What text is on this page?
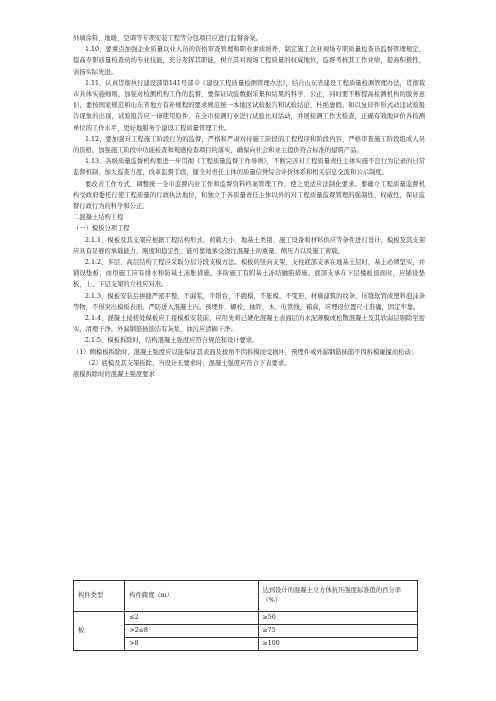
外墙涂料、地暖、空调等专项安装工程等分包项目应进行监督备案。

1.10、要重点加强企业质量以业人员的资格审查管理和职业素质培养，制定施工企业现场专职质量检查员监督管理规定，提高专职质量检查员的专业技能，充分发挥其职能，树立其对现场工程质量的权威地位，监督考核其工作业绩，提高积极性，表扬实际先进。

1.11、认真贯彻执行建设部第141号部令《建设工程质量检测管理办法》，结合山东省建设工程质量检测管理办法，贯彻裁市具体实施细则，加强对检测机构工作的监督，要保证试验数据采集和结果的科学、公正，同时要不断提高检测机构的服务意识，要按国家规范和山东省地方有补规程的要求规范统一本地区试验报告和试验结论，杜绝虚假、和以复印件形式动违试验报告现象的出现，试验报告应一律使用原件，在全市检测行业进行试验比对活动，并展检测工作大检查，正确有效地评价各检测单位的工作水平，更好地服务于建设工程质量管理工作。

1.12、要加强对工程施工阶段行为的监督，严格和严肃对待施工阶段的工程程序和阶段内容，严格审查施工阶段组成人员的资格，加强施工阶段中功能检查和观感检查项目的落实，确保向社会和业主提供符合标准的建筑产品。

1.13、各级质量监督机构要进一步贯彻《工程质量监督工作导则》，不断完善对工程质量责任主体实施不良行为记录的日常监督机制，加大巡查力度，改革监督手段，健全对责任主体的质量信誉综合评价体系和相关信息交流和公示制度。

要改善工作方式，调整统一全市监督内业工作和监督资料档案管理工作，使之更适应法制化要求。要确立工程质量监督机构受政府委托行使工程质量的行政执法地位，和独立于各质量责任主体以外的对工程质量监督管理的强制性、权威性，保证监督行政行为的科学和公正。

二混凝土结构工程

（一）模板分项工程

2.1.1、模板及其支架应根据工程结构形式、荷载大小、地基土类别、施工设备和材料供应等条件进行设计。模板及其支架应具有足够的承载能力、刚度和稳定性，能可靠地承受浇注混凝土的重量、侧压力以及施工荷载。

2.1.2、多层、高层结构工程应采取分层分段支模方法。模板的竖向支架、支柱底部支承在地基土层时，基土必须坚实，并铺设垫板；而用施工应有排水和防基土冻胀措施。多阶施工有附基土冻结融陷措施。底部支承在下层楼板顶面时，应铺设垫板，上、下层支架的立柱应对准。

2.1.3、模板安装后拼缝严密平整，不漏浆，不错台，不跑模，不胀模，不变形，材墙建筑的纹条、压缝软管或塑料泡沫条等物，不得突出模板表面，严防进入混凝土内。预埋件、螺栓，抽铁、木、电管线，箱盒，应埋设位置尺寸准确，固定牢靠。

2.1.4、混凝土接槎处模板应工接模板安装前，应用先将已硬化混凝土表面层的水泥薄膜或松散混凝土及其软弱层剔除至密实，清理干净。外漏钢筋插筋洁有灰浆，油污应清刷干净。

2.1.5、模板拆除时，结构混凝土强度应符合规范和设计要求。

（1）侧模板拆除时，混凝土强度应以能保证其表面及棱角不因拆模而受损坏，预埋件或外漏钢筋插筋不因拆模碰撞而松动；

（2）底模及其支架拆除，当设计无要求时，混凝土强度应符合下表要求。

底模拆除时的混凝土强度要求

构件类型	构件跨度（m）	达到设计的混凝土立方体抗压强度标准值的百分率（%）
板	≤2	≥50
	>2≤8	≥75
	>8	≥100
